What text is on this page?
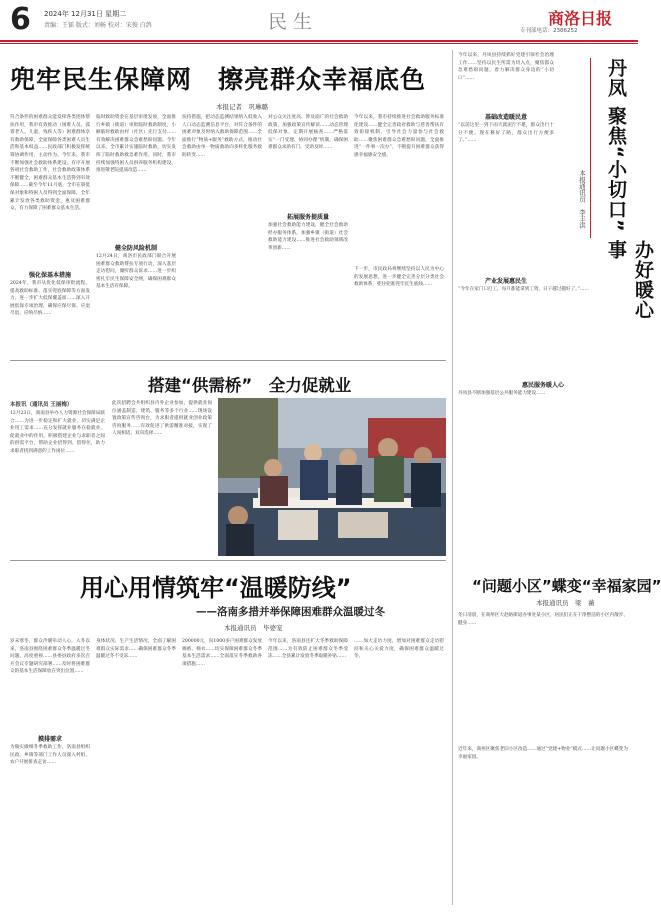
6 2024年 12月31日 星期二
责编：王镭 版式：刘畅 校对：宋俊 白鸽	民生	商洛日报
专刊部电话：2386252
兜牢民生保障网　擦亮群众幸福底色
本报记者　巩琳璐
符合条件的困难群众能发挥各类团体帮扶作用，我市有效推动（困难人员、孤寡老人、儿童、残疾人等）困难群体享有救助保障，全面保障各类困难人员生活和基本权益……民政部门积极发挥统筹协调作用，主动作为。今年来，我市不断加强社会救助体系建设，有序开展各项社会救助工作，社会救助政策体系不断健全，困难群众基本生活得到有效保障……截至今年11月底，全市在册低保对象和特困人员得到全面保障，全年累计发放各类救助资金，惠及困难群众，有力保障了困难群众基本生活。
强化保基本措施
2024年，我市从优化低保审批流程、提高救助标准、落实兜底保障等方面发力，进一步扩大低保覆盖面……深入开展低保专项治理，确保应保尽保、应退尽退、应纳尽纳……
临时救助资金在基层审批发放，全面推行乡镇（街道）审批临时救助制度，小额临时救助由村（社区）先行支付……有效解决困难群众急难愁盼问题。今年以来，全市累计实施临时救助，切实发挥了临时救助救急难作用。同时，我市持续加强特困人员供养服务机构建设，推进敬老院提质改造……
健全防风险机制
12月24日，商洛市民政部门联合开展困难群众救助帮扶专项行动，深入基层走访慰问，倾听群众诉求……进一步织密扎牢民生保障安全网，确保困难群众基本生活有保障。
扶持措施，把动态监测结果纳入低收入人口动态监测信息平台，对符合条件的困难对象及时纳入救助保障范围……全面推行“物质+服务”救助方式，推动社会救助由单一物质救助向多样化服务救助转变……
对公众关注度高、涉及面广的社会救助政策，加强政策宣传解读……动态管理低保对象，定期开展核查……严格落实“一门受理、协同办理”机制，确保困难群众求助有门、受助及时……
拓展服务提质量
加强社会救助能力建设，健全社会救助经办服务体系，加强乡镇（街道）社会救助能力建设……推进社会救助领域改革创新……
今年以来，我市持续推进社会救助服务标准化建设……健全完善政府救助与慈善帮扶有效衔接机制，引导社会力量参与社会救助……聚焦困难群众急难愁盼问题，全面推进“一件事一次办”，不断提升困难群众获得感幸福感安全感。
下一步，市民政局将继续坚持以人民为中心的发展思想，进一步健全完善分层分类社会救助体系，兜住兜准兜牢民生底线……
搭建“供需桥”　全力促就业
本报讯（通讯员 王丽梅）
12月23日，商南县举办人力资源社会保障局联合……为进一步稳定和扩大就业，切实满足企业用工需求……充分发挥就业服务在稳就业、促就业中的作用，积极搭建企业与求职者之间的供需平台，帮助企业招得到、留得住，助力求职者找到满意的工作岗位……
此次招聘会共组织县内外企业参加，提供就业岗位涵盖制造、建筑、服务等多个行业……现场设置政策宣传咨询台，为求职者提供就业创业政策咨询服务……有效促进了供需精准对接，实现了人岗相适、双向选择……
用心用情筑牢“温暖防线”
——洛南多措并举保障困难群众温暖过冬
本报通讯员　毕婆宠
岁末寒冬，群众冷暖牵动人心。入冬以来，洛南县围绕困难群众冬季温暖过冬问题，高度重视……县委县政府多次召开会议专题研究部署……及时将困难群众的基本生活保障放在突出位置……
摸排需求
为做实做细冬季救助工作，洛南县组织民政、乡镇等部门工作人员深入村组、农户开展排查走访……
身体状况、生产生活情况，全面了解困难群众实际需求……确保困难群众冬季温暖过冬不受冻……
200000元，向1000多户困难群众发放棉被、棉衣……切实保障困难群众冬季基本生活需求……全面落实冬季救助各项措施……
今年以来，洛南县还扩大冬季救助保障范围……为有效防止困难群众冬季受冻……全县累计发放冬季取暖补贴……
……加大走访力度，增加对困难群众走访慰问和关心关爱力度，确保困难群众温暖过冬。
今年以来，丹凤县持续抓好党建引领社会治理工作……坚持以民生所需为切入点，聚焦群众急难愁盼问题，着力解决群众身边的“小切口”……	丹凤 聚焦“小切口”
本报通讯员　李丰洪
办好暖心事
基础改造暖民意
“以前这里一到下雨天就泥泞不堪，群众出行十分不便。现在修好了路，群众出行方便多了。”……
产业发展惠民生
“今年在家门口打工，每月都能拿到工资，日子越过越好了。”……
惠民服务暖人心
丹凤县不断加强基层公共服务能力建设……
“问题小区”蝶变“幸福家园”
本报通讯员　梁　薇
冬日清晨，在商州区大赵峪街道办事处某小区，居民们正在干净整洁的小区内散步、健身……
近年来，商州区聚焦老旧小区改造……通过“党建+物业”模式……让问题小区蝶变为幸福家园。
